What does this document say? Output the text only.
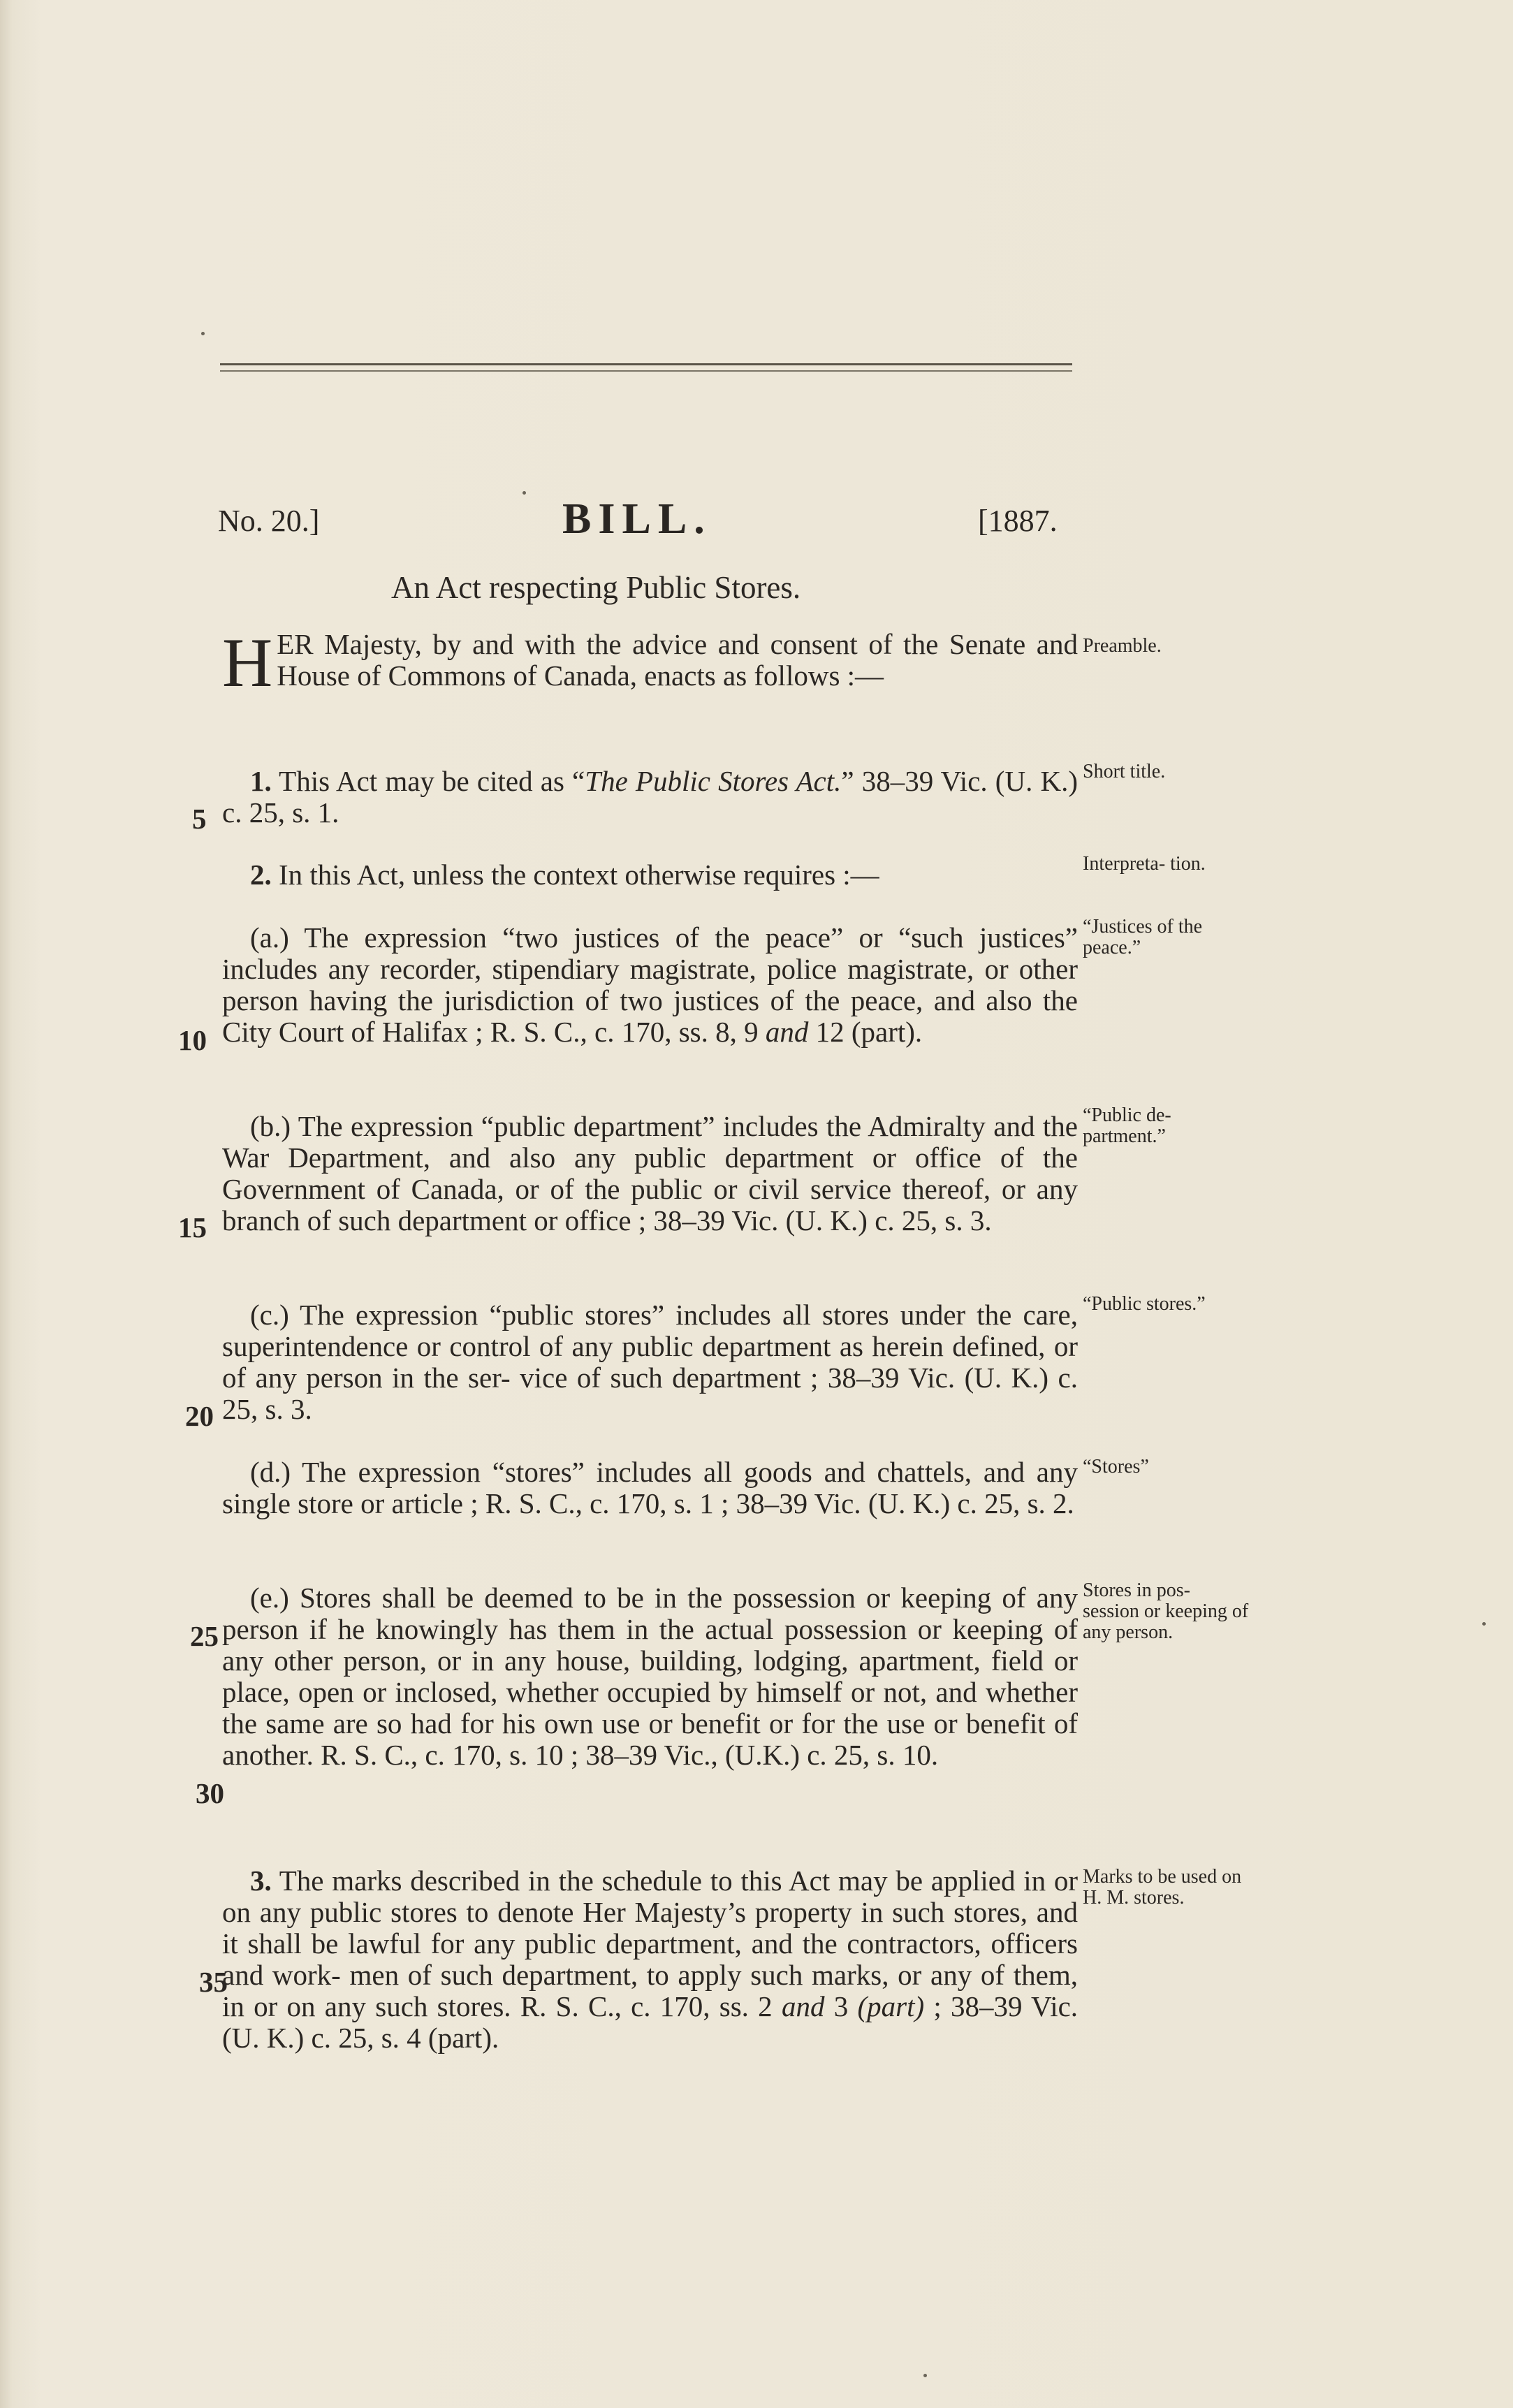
No. 20.]	BILL.	[1887.
An Act respecting Public Stores.

HER Majesty, by and with the advice and consent of the Senate and House of Commons of Canada, enacts as follows :—

Preamble.

1. This Act may be cited as “The Public Stores Act.” 38–39 Vic. (U. K.) c. 25, s. 1.

Short title.

2. In this Act, unless the context otherwise requires :—	Interpreta- tion.

(a.) The expression “two justices of the peace” or “such justices” includes any recorder, stipendiary magistrate, police magistrate, or other person having the jurisdiction of two justices of the peace, and also the City Court of Halifax ; R. S. C., c. 170, ss. 8, 9 and 12 (part).

“Justices of the peace.”

(b.) The expression “public department” includes the Admiralty and the War Department, and also any public department or office of the Government of Canada, or of the public or civil service thereof, or any branch of such department or office ; 38–39 Vic. (U. K.) c. 25, s. 3.

“Public de- partment.”

(c.) The expression “public stores” includes all stores under the care, superintendence or control of any public department as herein defined, or of any person in the ser- vice of such department ; 38–39 Vic. (U. K.) c. 25, s. 3.

“Public stores.”

(d.) The expression “stores” includes all goods and chattels, and any single store or article ; R. S. C., c. 170, s. 1 ; 38–39 Vic. (U. K.) c. 25, s. 2.

“Stores”

(e.) Stores shall be deemed to be in the possession or keeping of any person if he knowingly has them in the actual possession or keeping of any other person, or in any house, building, lodging, apartment, field or place, open or inclosed, whether occupied by himself or not, and whether the same are so had for his own use or benefit or for the use or benefit of another. R. S. C., c. 170, s. 10 ; 38–39 Vic., (U.K.) c. 25, s. 10.

Stores in pos- session or keeping of any person.

3. The marks described in the schedule to this Act may be applied in or on any public stores to denote Her Majesty’s property in such stores, and it shall be lawful for any public department, and the contractors, officers and work- men of such department, to apply such marks, or any of them, in or on any such stores. R. S. C., c. 170, ss. 2 and 3 (part) ; 38–39 Vic. (U. K.) c. 25, s. 4 (part).

Marks to be used on H. M. stores.
5
10
15
20
25
30
35
